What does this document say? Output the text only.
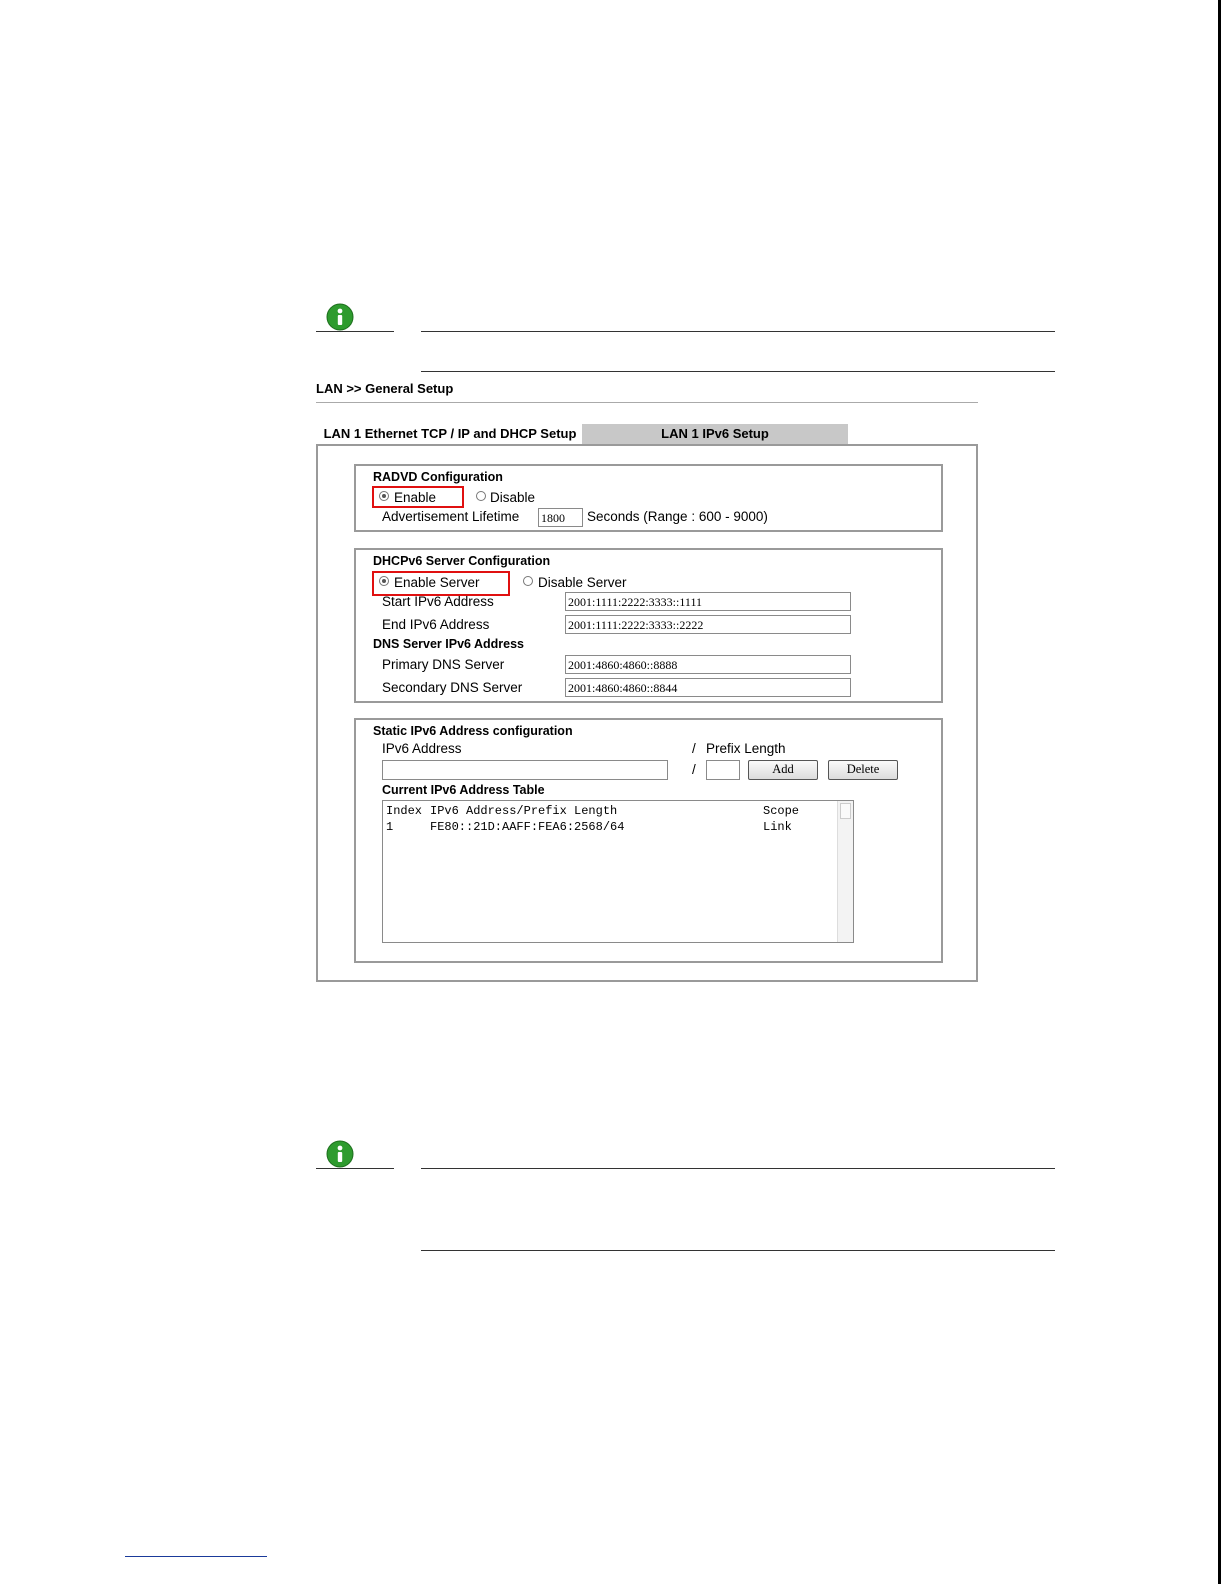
LAN >> General Setup
LAN 1 Ethernet TCP / IP and DHCP Setup	LAN 1 IPv6 Setup
RADVD Configuration
Enable	Disable
Advertisement Lifetime 1800	Seconds (Range : 600 - 9000)
DHCPv6 Server Configuration
Enable Server	Disable Server
Start IPv6 Address	2001:1111:2222:3333::1111
End IPv6 Address	2001:1111:2222:3333::2222
DNS Server IPv6 Address
Primary DNS Server	2001:4860:4860::8888
Secondary DNS Server	2001:4860:4860::8844
Static IPv6 Address configuration
IPv6 Address	/ Prefix Length
/	Add	Delete
Current IPv6 Address Table
Index IPv6 Address/Prefix Length	Scope
1	FE80::21D:AAFF:FEA6:2568/64	Link
